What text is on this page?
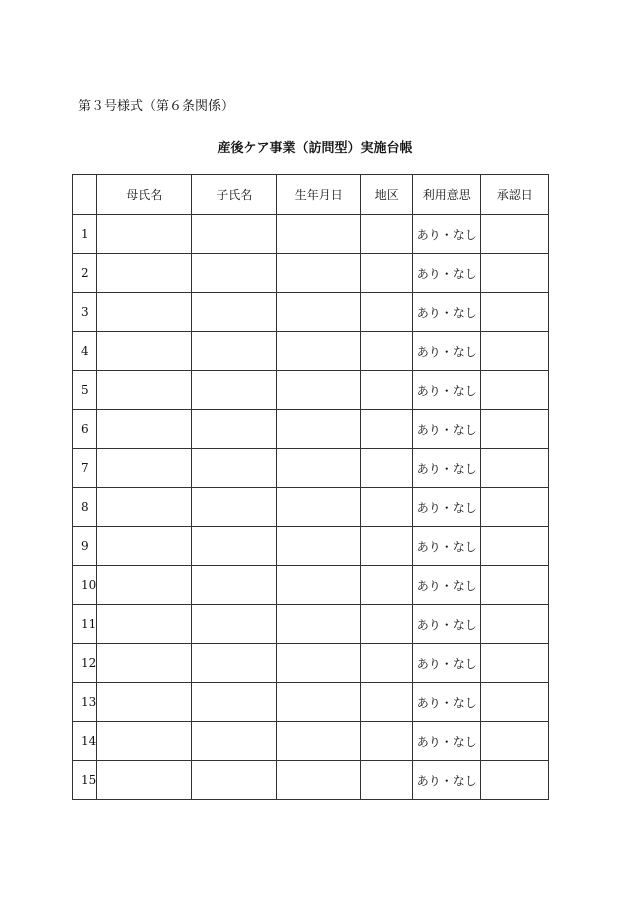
第３号様式（第６条関係）
産後ケア事業（訪問型）実施台帳
	母氏名	子氏名	生年月日	地区	利用意思	承認日
1					あり・なし	
2					あり・なし	
3					あり・なし	
4					あり・なし	
5					あり・なし	
6					あり・なし	
7					あり・なし	
8					あり・なし	
9					あり・なし	
10					あり・なし	
11					あり・なし	
12					あり・なし	
13					あり・なし	
14					あり・なし	
15					あり・なし	
